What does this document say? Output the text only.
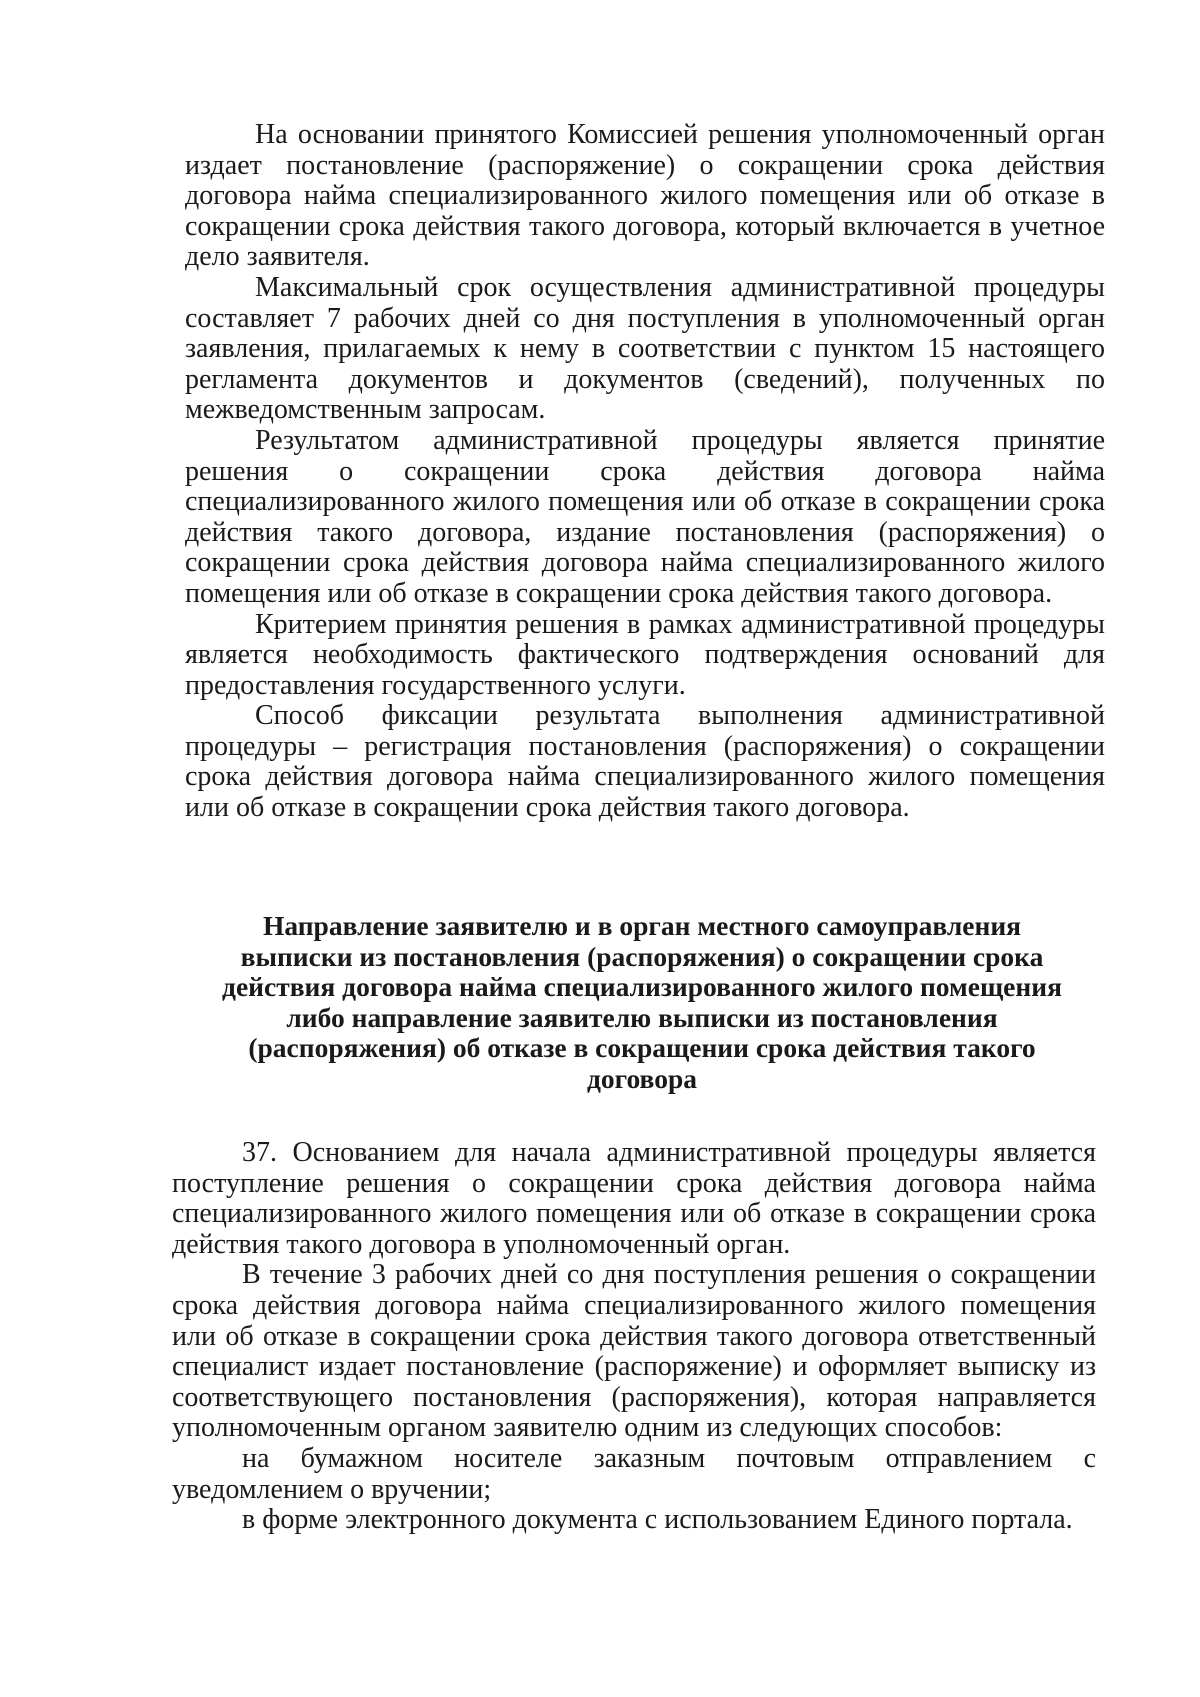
На основании принятого Комиссией решения уполномоченный орган издает постановление (распоряжение) о сокращении срока действия договора найма специализированного жилого помещения или об отказе в сокращении срока действия такого договора, который включается в учетное дело заявителя.

Максимальный срок осуществления административной процедуры составляет 7 рабочих дней со дня поступления в уполномоченный орган заявления, прилагаемых к нему в соответствии с пунктом 15 настоящего регламента документов и документов (сведений), полученных по межведомственным запросам.

Результатом административной процедуры является принятие решения о сокращении срока действия договора найма специализированного жилого помещения или об отказе в сокращении срока действия такого договора, издание постановления (распоряжения) о сокращении срока действия договора найма специализированного жилого помещения или об отказе в сокращении срока действия такого договора.

Критерием принятия решения в рамках административной процедуры является необходимость фактического подтверждения оснований для предоставления государственного услуги.

Способ фиксации результата выполнения административной процедуры – регистрация постановления (распоряжения) о сокращении срока действия договора найма специализированного жилого помещения или об отказе в сокращении срока действия такого договора.

Направление заявителю и в орган местного самоуправления
выписки из постановления (распоряжения) о сокращении срока
действия договора найма специализированного жилого помещения
либо направление заявителю выписки из постановления
(распоряжения) об отказе в сокращении срока действия такого
договора

37. Основанием для начала административной процедуры является поступление решения о сокращении срока действия договора найма специализированного жилого помещения или об отказе в сокращении срока действия такого договора в уполномоченный орган.

В течение 3 рабочих дней со дня поступления решения о сокращении срока действия договора найма специализированного жилого помещения или об отказе в сокращении срока действия такого договора ответственный специалист издает постановление (распоряжение) и оформляет выписку из соответствующего постановления (распоряжения), которая направляется уполномоченным органом заявителю одним из следующих способов:

на бумажном носителе заказным почтовым отправлением с уведомлением о вручении;

в форме электронного документа с использованием Единого портала.
